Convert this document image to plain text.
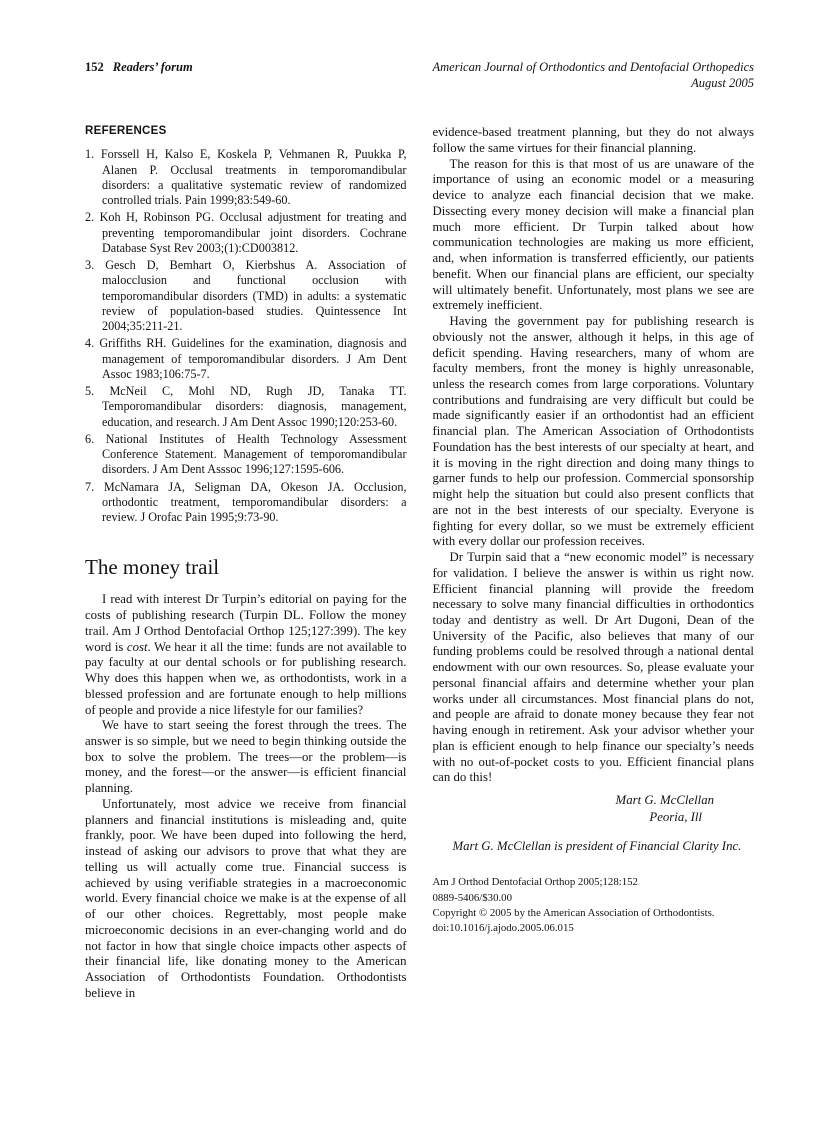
152 Readers’ forum	American Journal of Orthodontics and Dentofacial Orthopedics
August 2005
REFERENCES
1. Forssell H, Kalso E, Koskela P, Vehmanen R, Puukka P, Alanen P. Occlusal treatments in temporomandibular disorders: a qualitative systematic review of randomized controlled trials. Pain 1999;83:549-60.
2. Koh H, Robinson PG. Occlusal adjustment for treating and preventing temporomandibular joint disorders. Cochrane Database Syst Rev 2003;(1):CD003812.
3. Gesch D, Bemhart O, Kierbshus A. Association of malocclusion and functional occlusion with temporomandibular disorders (TMD) in adults: a systematic review of population-based studies. Quintessence Int 2004;35:211-21.
4. Griffiths RH. Guidelines for the examination, diagnosis and management of temporomandibular disorders. J Am Dent Assoc 1983;106:75-7.
5. McNeil C, Mohl ND, Rugh JD, Tanaka TT. Temporomandibular disorders: diagnosis, management, education, and research. J Am Dent Assoc 1990;120:253-60.
6. National Institutes of Health Technology Assessment Conference Statement. Management of temporomandibular disorders. J Am Dent Asssoc 1996;127:1595-606.
7. McNamara JA, Seligman DA, Okeson JA. Occlusion, orthodontic treatment, temporomandibular disorders: a review. J Orofac Pain 1995;9:73-90.
The money trail

I read with interest Dr Turpin’s editorial on paying for the costs of publishing research (Turpin DL. Follow the money trail. Am J Orthod Dentofacial Orthop 125;127:399). The key word is cost. We hear it all the time: funds are not available to pay faculty at our dental schools or for publishing research. Why does this happen when we, as orthodontists, work in a blessed profession and are fortunate enough to help millions of people and provide a nice lifestyle for our families?

We have to start seeing the forest through the trees. The answer is so simple, but we need to begin thinking outside the box to solve the problem. The trees—or the problem—is money, and the forest—or the answer—is efficient financial planning.

Unfortunately, most advice we receive from financial planners and financial institutions is misleading and, quite frankly, poor. We have been duped into following the herd, instead of asking our advisors to prove that what they are telling us will actually come true. Financial success is achieved by using verifiable strategies in a macroeconomic world. Every financial choice we make is at the expense of all of our other choices. Regrettably, most people make microeconomic decisions in an ever-changing world and do not factor in how that single choice impacts other aspects of their financial life, like donating money to the American Association of Orthodontists Foundation. Orthodontists believe in

evidence-based treatment planning, but they do not always follow the same virtues for their financial planning.

The reason for this is that most of us are unaware of the importance of using an economic model or a measuring device to analyze each financial decision that we make. Dissecting every money decision will make a financial plan much more efficient. Dr Turpin talked about how communication technologies are making us more efficient, and, when information is transferred efficiently, our patients benefit. When our financial plans are efficient, our specialty will ultimately benefit. Unfortunately, most plans we see are extremely inefficient.

Having the government pay for publishing research is obviously not the answer, although it helps, in this age of deficit spending. Having researchers, many of whom are faculty members, front the money is highly unreasonable, unless the research comes from large corporations. Voluntary contributions and fundraising are very difficult but could be made significantly easier if an orthodontist had an efficient financial plan. The American Association of Orthodontists Foundation has the best interests of our specialty at heart, and it is moving in the right direction and doing many things to garner funds to help our profession. Commercial sponsorship might help the situation but could also present conflicts that are not in the best interests of our specialty. Everyone is fighting for every dollar, so we must be extremely efficient with every dollar our profession receives.

Dr Turpin said that a “new economic model” is necessary for validation. I believe the answer is within us right now. Efficient financial planning will provide the freedom necessary to solve many financial difficulties in orthodontics today and dentistry as well. Dr Art Dugoni, Dean of the University of the Pacific, also believes that many of our funding problems could be resolved through a national dental endowment with our own resources. So, please evaluate your personal financial affairs and determine whether your plan works under all circumstances. Most financial plans do not, and people are afraid to donate money because they fear not having enough in retirement. Ask your advisor whether your plan is efficient enough to help finance our specialty’s needs with no out-of-pocket costs to you. Efficient financial plans can do this!

Mart G. McClellan
Peoria, Ill

Mart G. McClellan is president of Financial Clarity Inc.

Am J Orthod Dentofacial Orthop 2005;128:152
0889-5406/$30.00
Copyright © 2005 by the American Association of Orthodontists.
doi:10.1016/j.ajodo.2005.06.015
